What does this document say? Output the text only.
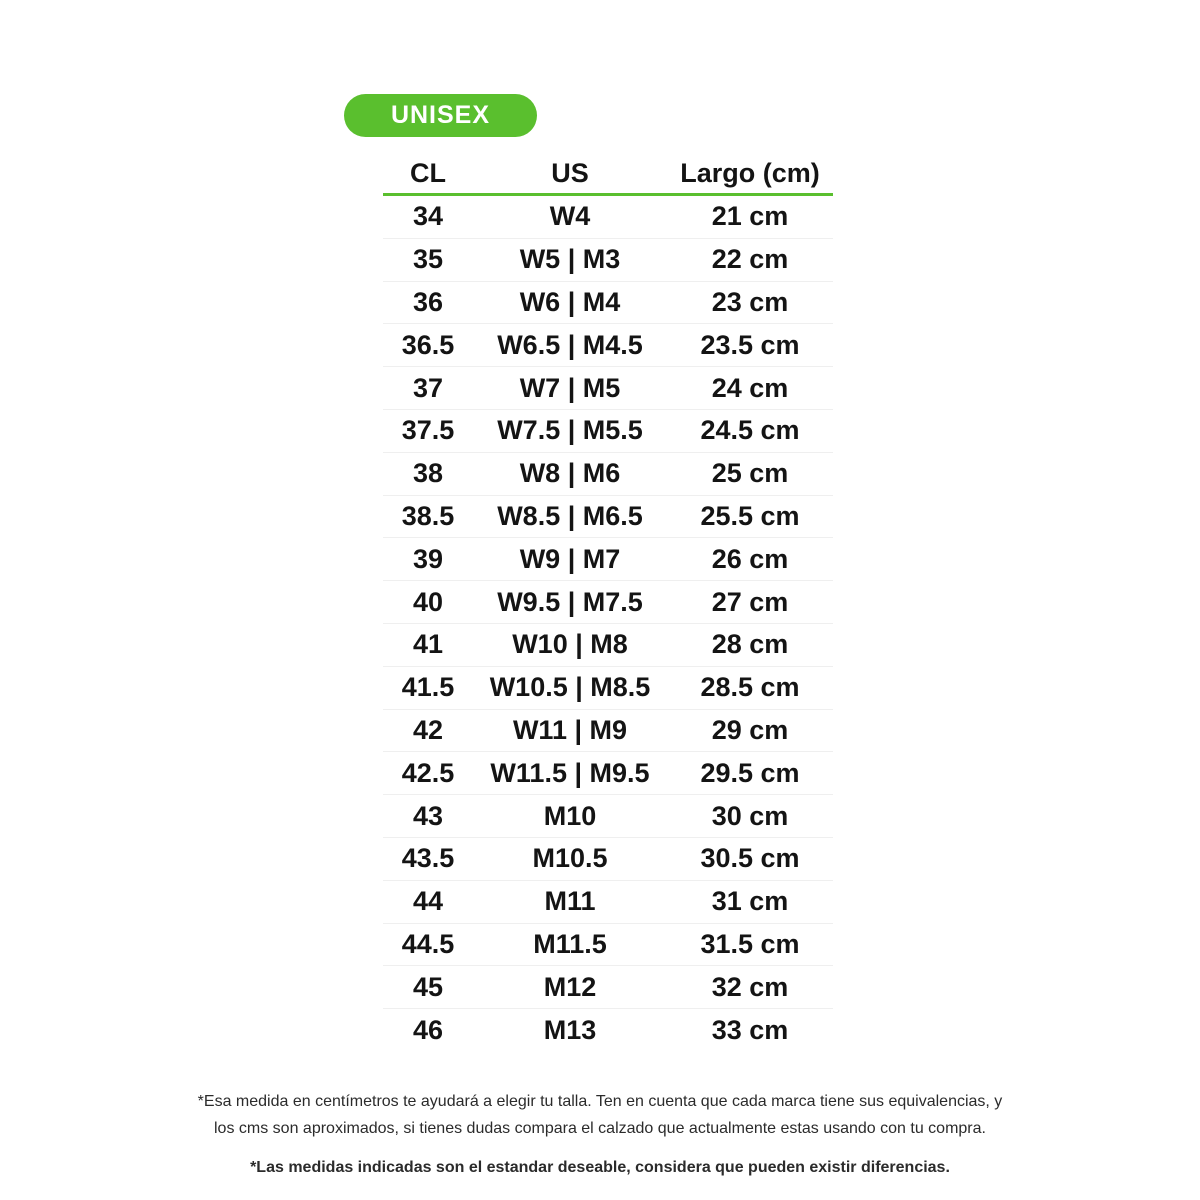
UNISEX
CL	US	Largo (cm)
34	W4	21 cm
35	W5 | M3	22 cm
36	W6 | M4	23 cm
36.5	W6.5 | M4.5	23.5 cm
37	W7 | M5	24 cm
37.5	W7.5 | M5.5	24.5 cm
38	W8 | M6	25 cm
38.5	W8.5 | M6.5	25.5 cm
39	W9 | M7	26 cm
40	W9.5 | M7.5	27 cm
41	W10 | M8	28 cm
41.5	W10.5 | M8.5	28.5 cm
42	W11 | M9	29 cm
42.5	W11.5 | M9.5	29.5 cm
43	M10	30 cm
43.5	M10.5	30.5 cm
44	M11	31 cm
44.5	M11.5	31.5 cm
45	M12	32 cm
46	M13	33 cm

*Esa medida en centímetros te ayudará a elegir tu talla. Ten en cuenta que cada marca tiene sus equivalencias, y
los cms son aproximados, si tienes dudas compara el calzado que actualmente estas usando con tu compra.

*Las medidas indicadas son el estandar deseable, considera que pueden existir diferencias.
